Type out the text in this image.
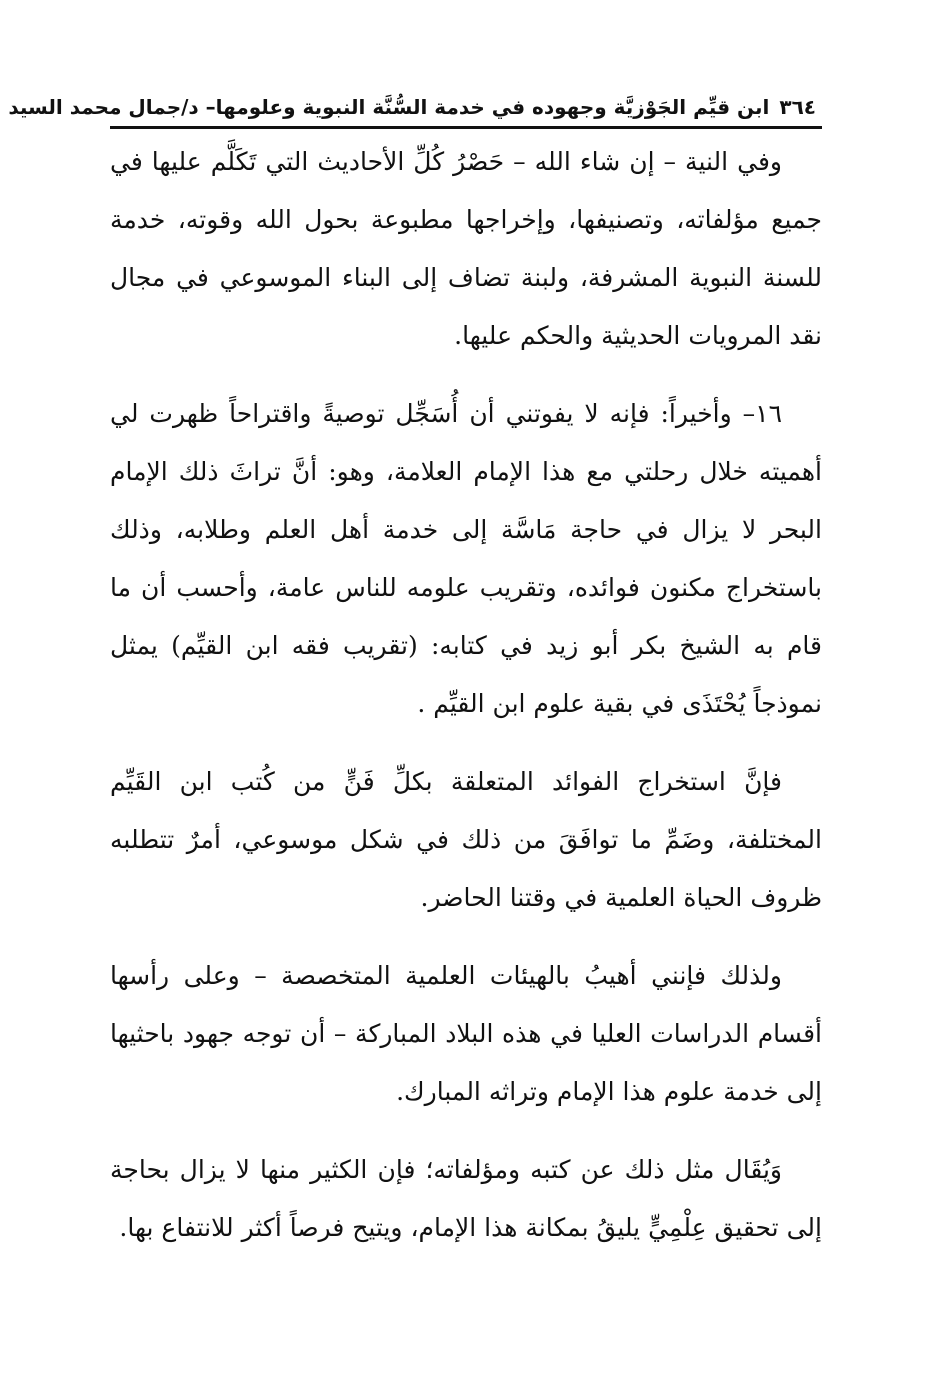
٣٦٤
ابن قيِّم الجَوْزيَّة وجهوده في خدمة السُّنَّة النبوية وعلومها– د/جمال محمد السيد

وفي النية – إن شاء الله – حَصْرُ كُلِّ الأحاديث التي تَكَلَّم عليها في جميع مؤلفاته، وتصنيفها، وإخراجها مطبوعة بحول الله وقوته، خدمة للسنة النبوية المشرفة، ولبنة تضاف إلى البناء الموسوعي في مجال نقد المرويات الحديثية والحكم عليها.

١٦– وأخيراً: فإنه لا يفوتني أن أُسَجِّل توصيةً واقتراحاً ظهرت لي أهميته خلال رحلتي مع هذا الإمام العلامة، وهو: أنَّ تراثَ ذلك الإمام البحر لا يزال في حاجة مَاسَّة إلى خدمة أهل العلم وطلابه، وذلك باستخراج مكنون فوائده، وتقريب علومه للناس عامة، وأحسب أن ما قام به الشيخ بكر أبو زيد في كتابه: (تقريب فقه ابن القيِّم) يمثل نموذجاً يُحْتَذَى في بقية علوم ابن القيِّم .

فإنَّ استخراج الفوائد المتعلقة بكلِّ فَنٍّ من كُتب ابن القَيِّم المختلفة، وضَمِّ ما توافَقَ من ذلك في شكل موسوعي، أمرٌ تتطلبه ظروف الحياة العلمية في وقتنا الحاضر.

ولذلك فإنني أهيبُ بالهيئات العلمية المتخصصة – وعلى رأسها أقسام الدراسات العليا في هذه البلاد المباركة – أن توجه جهود باحثيها إلى خدمة علوم هذا الإمام وتراثه المبارك.

وَيُقَال مثل ذلك عن كتبه ومؤلفاته؛ فإن الكثير منها لا يزال بحاجة إلى تحقيق عِلْمِيٍّ يليقُ بمكانة هذا الإمام، ويتيح فرصاً أكثر للانتفاع بها.
